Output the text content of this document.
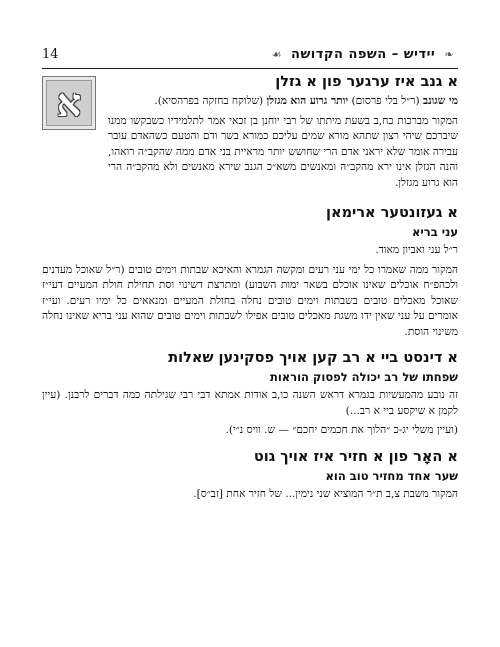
❧ יידיש – השפה הקדושה ☙
14
א גנב איז ערגער פון א גזלן

מי שגונב (ר״ל בלי פרסום) יותר גרוע הוא מגזלן (שלוקח בחזקה בפרהסיא).

המקור מברכות כח,ב בשעת מיתתו של רבי יוחנן בן זכאי אמר לתלמידיו כשבקשו ממנו שיברכם שיהי רצון שתהא מורא שמים עליכם כמורא בשר ודם והטעם כשהאדם עובר עבירה אומר שלא יראני אדם הרי שחושש יותר מראיית בני אדם ממה שהקב״ה רואהו, והנה הגזלן אינו ירא מהקב״ה ומאנשים משא״כ הגנב שירא מאנשים ולא מהקב״ה הרי הוא גרוע מגזלן.

א
א געזונטער ארימאן
עני בריא

ר״ל עני ואביון מאוד.

המקור ממה שאמרו כל ימי עני רעים ומקשה הגמרא והאיכא שבתות וימים טובים (ר״ל שאוכל מעדנים ולכהפ״ח אוכלים שאינו אוכלם בשאר ימות השבוע) ומתרצת דשינוי וסת תחילת חולת המעיים דעי״ז שאוכל מאכלים טובים בשבתות וימים טובים נחלה בחולת המעיים ומנאאים כל ימיו רעים. ועי״ז אומרים על עני שאין ידו משגת מאכלים טובים אפילו לשבתות וימים טובים שהוא עני בריא שאינו נחלה משינוי הוסת.

א דינסט ביי א רב קען אויך פסקינען שאלות
שפחתו של רב יכולה לפסוק הוראות

זה נובע מהמעשיות בגמרא דראש השנה כו,ב אודות אמתא דבי רבי שגילתה כמה דברים לרבנן. (עיין לקמן א שיקסע ביי א רב...)

(ועיין משלי יג-כ ״הלוך את חכמים יחכם״ — ש. וויס נ״י).

א האָר פון א חזיר איז אויך גוט
שער אחד מחזיר טוב הוא

המקור משבת צ,ב ת״ר המוציא שני נימין... של חזיר אחת [זב״ס].
